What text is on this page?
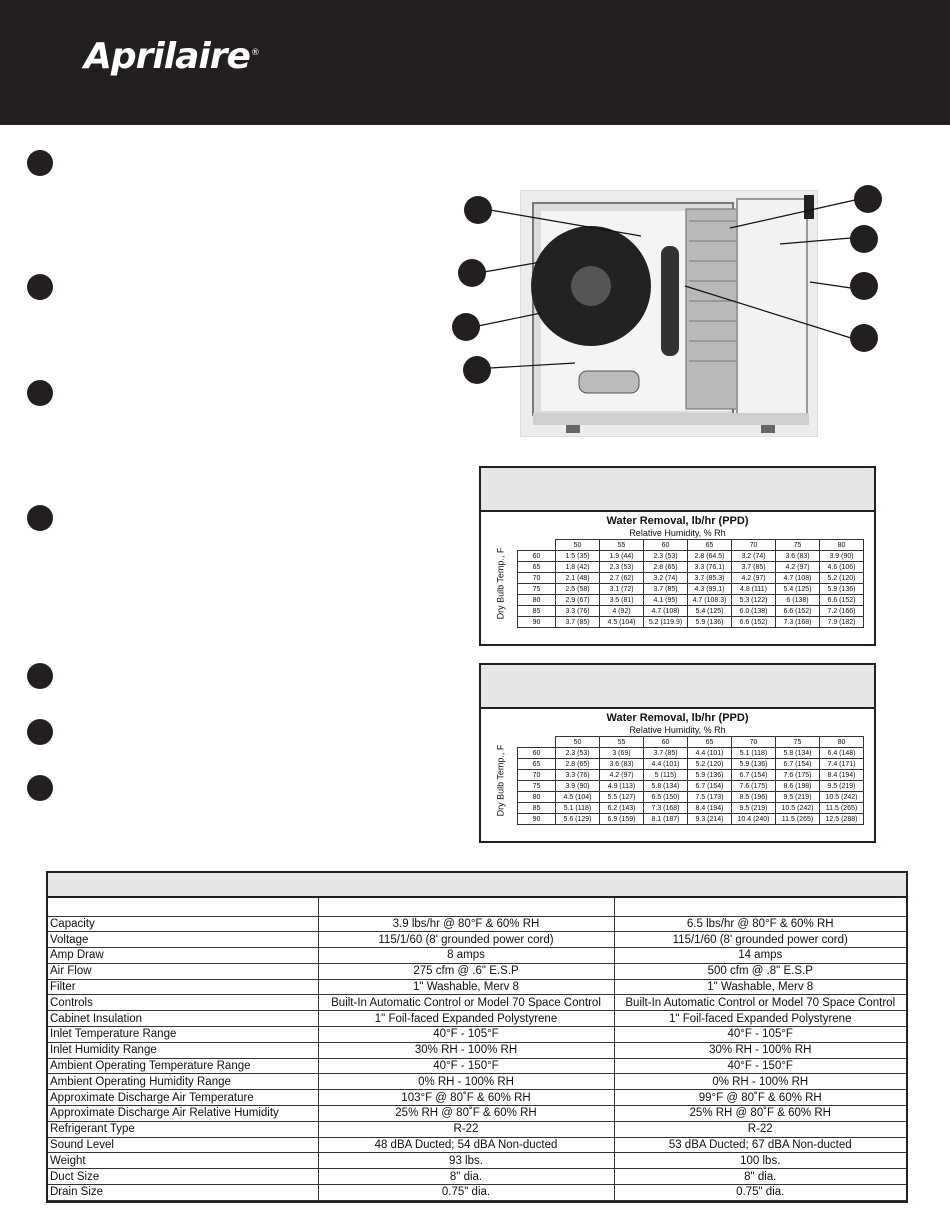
Aprilaire®
Water Removal, lb/hr (PPD)
Relative Humidity, % Rh
Dry Bulb Temp., F
	50	55	60	65	70	75	80
60	1.5 (35)	1.9 (44)	2.3 (53)	2.8 (64.5)	3.2 (74)	3.6 (83)	3.9 (90)
65	1.8 (42)	2.3 (53)	2.8 (65)	3.3 (76.1)	3.7 (85)	4.2 (97)	4.6 (106)
70	2.1 (48)	2.7 (62)	3.2 (74)	3.7 (85.3)	4.2 (97)	4.7 (108)	5.2 (120)
75	2.5 (58)	3.1 (72)	3.7 (85)	4.3 (99.1)	4.8 (111)	5.4 (125)	5.9 (136)
80	2.9 (67)	3.5 (81)	4.1 (95)	4.7 (108.3)	5.3 (122)	6 (138)	6.6 (152)
85	3.3 (76)	4 (92)	4.7 (108)	5.4 (125)	6.0 (138)	6.6 (152)	7.2 (166)
90	3.7 (85)	4.5 (104)	5.2 (119.9)	5.9 (136)	6.6 (152)	7.3 (168)	7.9 (182)
Water Removal, lb/hr (PPD)
Relative Humidity, % Rh
Dry Bulb Temp., F
	50	55	60	65	70	75	80
60	2.3 (53)	3 (69)	3.7 (85)	4.4 (101)	5.1 (118)	5.8 (134)	6.4 (148)
65	2.8 (65)	3.6 (83)	4.4 (101)	5.2 (120)	5.9 (136)	6.7 (154)	7.4 (171)
70	3.3 (76)	4.2 (97)	5 (115)	5.9 (136)	6.7 (154)	7.6 (175)	8.4 (194)
75	3.9 (90)	4.9 (113)	5.8 (134)	6.7 (154)	7.6 (175)	8.6 (198)	9.5 (219)
80	4.5 (104)	5.5 (127)	6.5 (150)	7.5 (173)	8.5 (196)	9.5 (219)	10.5 (242)
85	5.1 (118)	6.2 (143)	7.3 (168)	8.4 (194)	9.5 (219)	10.5 (242)	11.5 (265)
90	5.6 (129)	6.9 (159)	8.1 (187)	9.3 (214)	10.4 (240)	11.5 (265)	12.5 (288)

Capacity	3.9 lbs/hr @ 80°F & 60% RH	6.5 lbs/hr @ 80°F & 60% RH
Voltage	115/1/60 (8' grounded power cord)	115/1/60 (8' grounded power cord)
Amp Draw	8 amps	14 amps
Air Flow	275 cfm @ .6" E.S.P	500 cfm @ .8" E.S.P
Filter	1" Washable, Merv 8	1" Washable, Merv 8
Controls	Built-In Automatic Control or Model 70 Space Control	Built-In Automatic Control or Model 70 Space Control
Cabinet Insulation	1" Foil-faced Expanded Polystyrene	1" Foil-faced Expanded Polystyrene
Inlet Temperature Range	40°F - 105°F	40°F - 105°F
Inlet Humidity Range	30% RH - 100% RH	30% RH - 100% RH
Ambient Operating Temperature Range	40°F - 150°F	40°F - 150°F
Ambient Operating Humidity Range	0% RH - 100% RH	0% RH - 100% RH
Approximate Discharge Air Temperature	103°F @ 80˚F & 60% RH	99°F @ 80˚F & 60% RH
Approximate Discharge Air Relative Humidity	25% RH @ 80˚F & 60% RH	25% RH @ 80˚F & 60% RH
Refrigerant Type	R-22	R-22
Sound Level	48 dBA Ducted; 54 dBA Non-ducted	53 dBA Ducted; 67 dBA Non-ducted
Weight	93 lbs.	100 lbs.
Duct Size	8" dia.	8" dia.
Drain Size	0.75" dia.	0.75" dia.
